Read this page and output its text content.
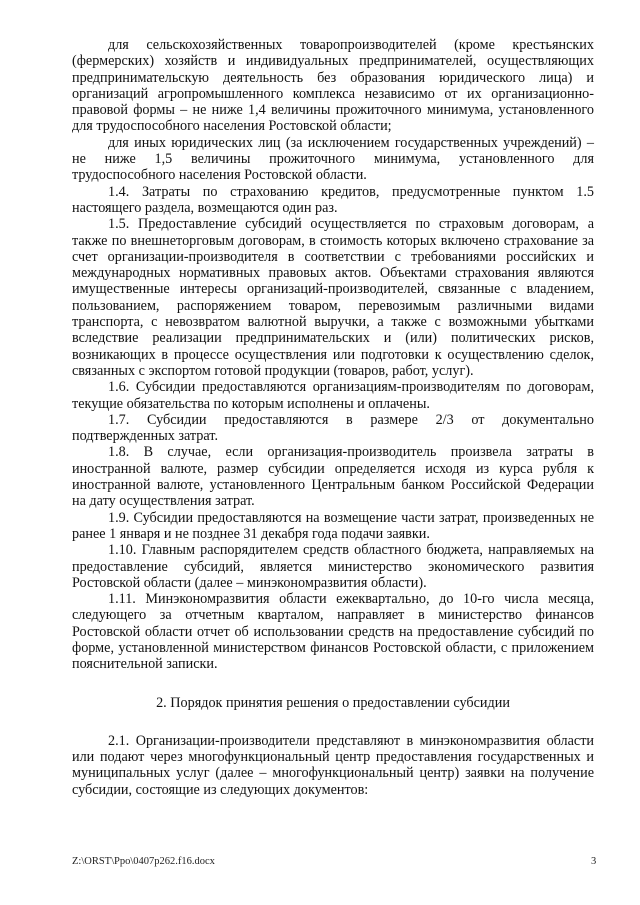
для сельскохозяйственных товаропроизводителей (кроме крестьянских (фермерских) хозяйств и индивидуальных предпринимателей, осуществляющих предпринимательскую деятельность без образования юридического лица) и организаций агропромышленного комплекса независимо от их организационно-правовой формы – не ниже 1,4 величины прожиточного минимума, установленного для трудоспособного населения Ростовской области;

для иных юридических лиц (за исключением государственных учреждений) – не ниже 1,5 величины прожиточного минимума, установленного для трудоспособного населения Ростовской области.

1.4. Затраты по страхованию кредитов, предусмотренные пунктом 1.5 настоящего раздела, возмещаются один раз.

1.5. Предоставление субсидий осуществляется по страховым договорам, а также по внешнеторговым договорам, в стоимость которых включено страхование за счет организации-производителя в соответствии с требованиями российских и международных нормативных правовых актов. Объектами страхования являются имущественные интересы организаций-производителей, связанные с владением, пользованием, распоряжением товаром, перевозимым различными видами транспорта, с невозвратом валютной выручки, а также с возможными убытками вследствие реализации предпринимательских и (или) политических рисков, возникающих в процессе осуществления или подготовки к осуществлению сделок, связанных с экспортом готовой продукции (товаров, работ, услуг).

1.6. Субсидии предоставляются организациям-производителям по договорам, текущие обязательства по которым исполнены и оплачены.

1.7. Субсидии предоставляются в размере 2/3 от документально подтвержденных затрат.

1.8. В случае, если организация-производитель произвела затраты в иностранной валюте, размер субсидии определяется исходя из курса рубля к иностранной валюте, установленного Центральным банком Российской Федерации на дату осуществления затрат.

1.9. Субсидии предоставляются на возмещение части затрат, произведенных не ранее 1 января и не позднее 31 декабря года подачи заявки.

1.10. Главным распорядителем средств областного бюджета, направляемых на предоставление субсидий, является министерство экономического развития Ростовской области (далее – минэкономразвития области).

1.11. Минэкономразвития области ежеквартально, до 10-го числа месяца, следующего за отчетным кварталом, направляет в министерство финансов Ростовской области отчет об использовании средств на предоставление субсидий по форме, установленной министерством финансов Ростовской области, с приложением пояснительной записки.

2. Порядок принятия решения о предоставлении субсидии

2.1. Организации-производители представляют в минэкономразвития области или подают через многофункциональный центр предоставления государственных и муниципальных услуг (далее – многофункциональный центр) заявки на получение субсидии, состоящие из следующих документов:

Z:\ORST\Ppo\0407p262.f16.docx	3
